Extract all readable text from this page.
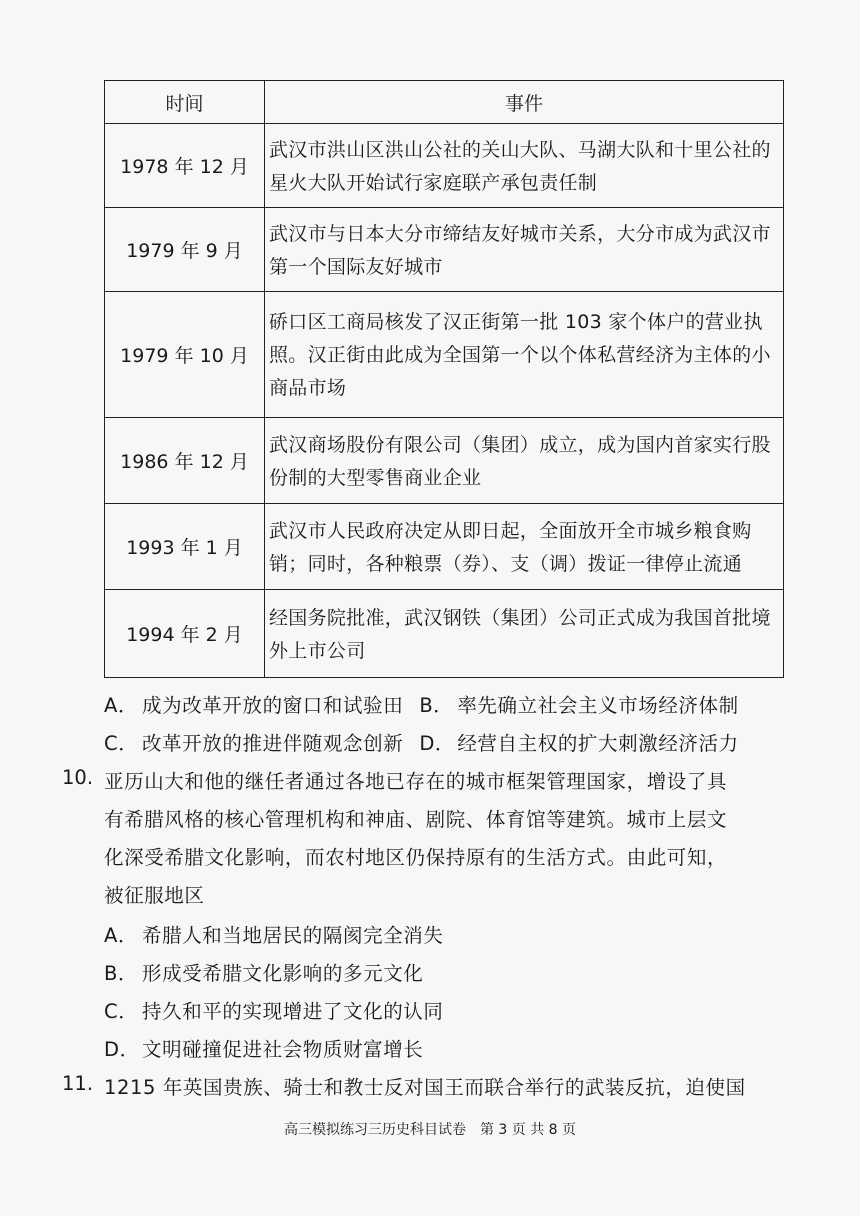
时间	事件
1978 年 12 月	武汉市洪山区洪山公社的关山大队、马湖大队和十里公社的星火大队开始试行家庭联产承包责任制
1979 年 9 月	武汉市与日本大分市缔结友好城市关系，大分市成为武汉市第一个国际友好城市
1979 年 10 月	硚口区工商局核发了汉正街第一批 103 家个体户的营业执照。汉正街由此成为全国第一个以个体私营经济为主体的小商品市场
1986 年 12 月	武汉商场股份有限公司（集团）成立，成为国内首家实行股份制的大型零售商业企业
1993 年 1 月	武汉市人民政府决定从即日起，全面放开全市城乡粮食购销；同时，各种粮票（券）、支（调）拨证一律停止流通
1994 年 2 月	经国务院批准，武汉钢铁（集团）公司正式成为我国首批境外上市公司
A． 成为改革开放的窗口和试验田 B． 率先确立社会主义市场经济体制
C． 改革开放的推进伴随观念创新 D． 经营自主权的扩大刺激经济活力
10. 亚历山大和他的继任者通过各地已存在的城市框架管理国家，增设了具
有希腊风格的核心管理机构和神庙、剧院、体育馆等建筑。城市上层文
化深受希腊文化影响，而农村地区仍保持原有的生活方式。由此可知，
被征服地区
A． 希腊人和当地居民的隔阂完全消失
B． 形成受希腊文化影响的多元文化
C． 持久和平的实现增进了文化的认同
D． 文明碰撞促进社会物质财富增长
11. 1215 年英国贵族、骑士和教士反对国王而联合举行的武装反抗，迫使国
高三模拟练习三历史科目试卷　第 3 页 共 8 页
